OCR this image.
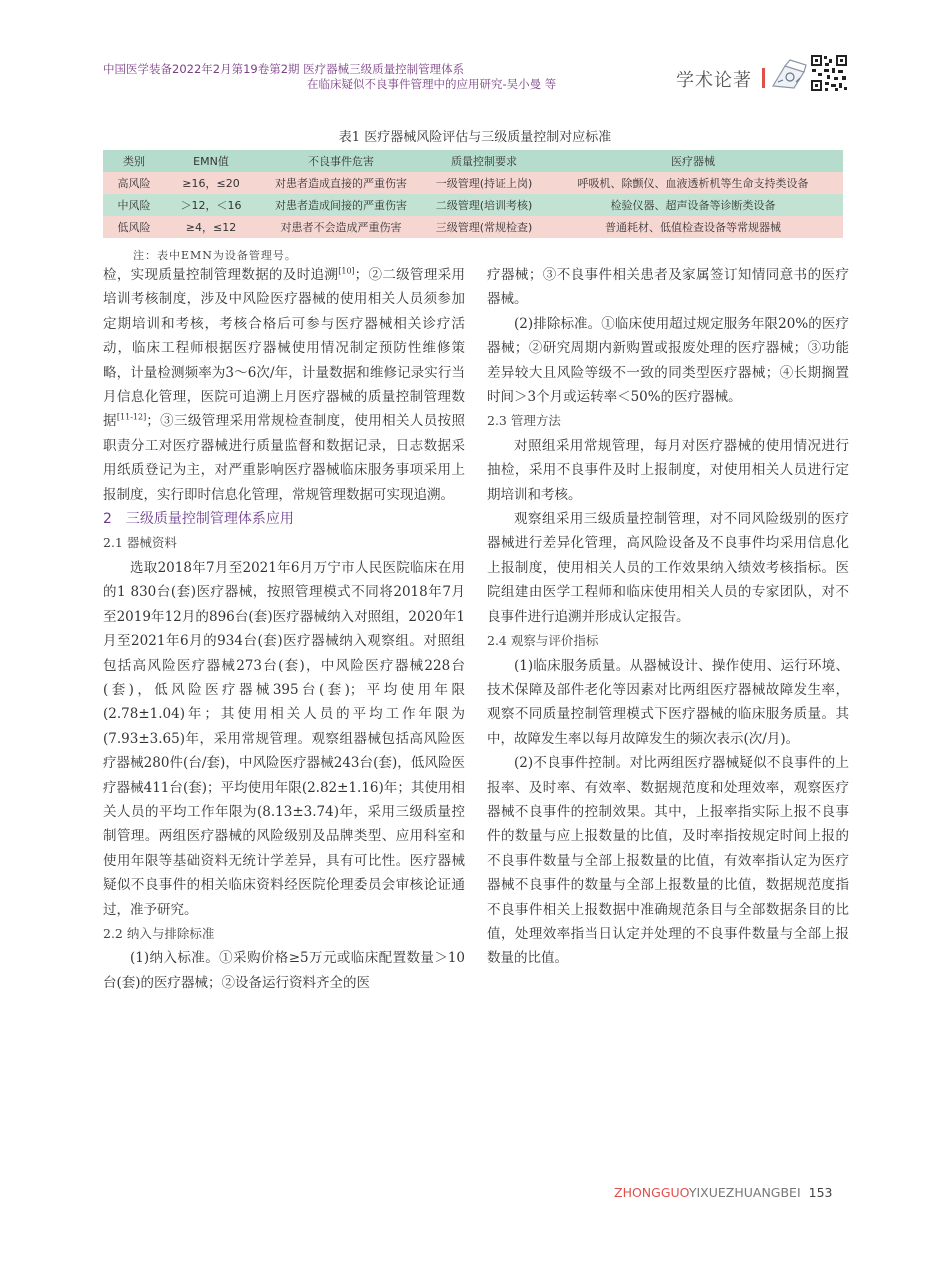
中国医学装备2022年2月第19卷第2期 医疗器械三级质量控制管理体系
在临床疑似不良事件管理中的应用研究-吴小曼 等	学术论著
表1 医疗器械风险评估与三级质量控制对应标准
类别	EMN值	不良事件危害	质量控制要求	医疗器械
高风险	≥16，≤20	对患者造成直接的严重伤害	一级管理(持证上岗)	呼吸机、除颤仪、血液透析机等生命支持类设备
中风险	＞12，＜16	对患者造成间接的严重伤害	二级管理(培训考核)	检验仪器、超声设备等诊断类设备
低风险	≥4，≤12	对患者不会造成严重伤害	三级管理(常规检查)	普通耗材、低值检查设备等常规器械
注：表中EMN为设备管理号。

检，实现质量控制管理数据的及时追溯[10]；②二级管理采用培训考核制度，涉及中风险医疗器械的使用相关人员须参加定期培训和考核，考核合格后可参与医疗器械相关诊疗活动，临床工程师根据医疗器械使用情况制定预防性维修策略，计量检测频率为3～6次/年，计量数据和维修记录实行当月信息化管理，医院可追溯上月医疗器械的质量控制管理数据[11-12]；③三级管理采用常规检查制度，使用相关人员按照职责分工对医疗器械进行质量监督和数据记录，日志数据采用纸质登记为主，对严重影响医疗器械临床服务事项采用上报制度，实行即时信息化管理，常规管理数据可实现追溯。

2　三级质量控制管理体系应用

2.1 器械资料

选取2018年7月至2021年6月万宁市人民医院临床在用的1 830台(套)医疗器械，按照管理模式不同将2018年7月至2019年12月的896台(套)医疗器械纳入对照组，2020年1月至2021年6月的934台(套)医疗器械纳入观察组。对照组包括高风险医疗器械273台(套)，中风险医疗器械228台(套)，低风险医疗器械395台(套)；平均使用年限(2.78±1.04)年；其使用相关人员的平均工作年限为(7.93±3.65)年，采用常规管理。观察组器械包括高风险医疗器械280件(台/套)，中风险医疗器械243台(套)，低风险医疗器械411台(套)；平均使用年限(2.82±1.16)年；其使用相关人员的平均工作年限为(8.13±3.74)年，采用三级质量控制管理。两组医疗器械的风险级别及品牌类型、应用科室和使用年限等基础资料无统计学差异，具有可比性。医疗器械疑似不良事件的相关临床资料经医院伦理委员会审核论证通过，准予研究。

2.2 纳入与排除标准

(1)纳入标准。①采购价格≥5万元或临床配置数量＞10台(套)的医疗器械；②设备运行资料齐全的医

疗器械；③不良事件相关患者及家属签订知情同意书的医疗器械。

(2)排除标准。①临床使用超过规定服务年限20%的医疗器械；②研究周期内新购置或报废处理的医疗器械；③功能差异较大且风险等级不一致的同类型医疗器械；④长期搁置时间＞3个月或运转率＜50%的医疗器械。

2.3 管理方法

对照组采用常规管理，每月对医疗器械的使用情况进行抽检，采用不良事件及时上报制度，对使用相关人员进行定期培训和考核。

观察组采用三级质量控制管理，对不同风险级别的医疗器械进行差异化管理，高风险设备及不良事件均采用信息化上报制度，使用相关人员的工作效果纳入绩效考核指标。医院组建由医学工程师和临床使用相关人员的专家团队，对不良事件进行追溯并形成认定报告。

2.4 观察与评价指标

(1)临床服务质量。从器械设计、操作使用、运行环境、技术保障及部件老化等因素对比两组医疗器械故障发生率，观察不同质量控制管理模式下医疗器械的临床服务质量。其中，故障发生率以每月故障发生的频次表示(次/月)。

(2)不良事件控制。对比两组医疗器械疑似不良事件的上报率、及时率、有效率、数据规范度和处理效率，观察医疗器械不良事件的控制效果。其中，上报率指实际上报不良事件的数量与应上报数量的比值，及时率指按规定时间上报的不良事件数量与全部上报数量的比值，有效率指认定为医疗器械不良事件的数量与全部上报数量的比值，数据规范度指不良事件相关上报数据中准确规范条目与全部数据条目的比值，处理效率指当日认定并处理的不良事件数量与全部上报数量的比值。

ZHONGGUOYIXUEZHUANGBEI 153
